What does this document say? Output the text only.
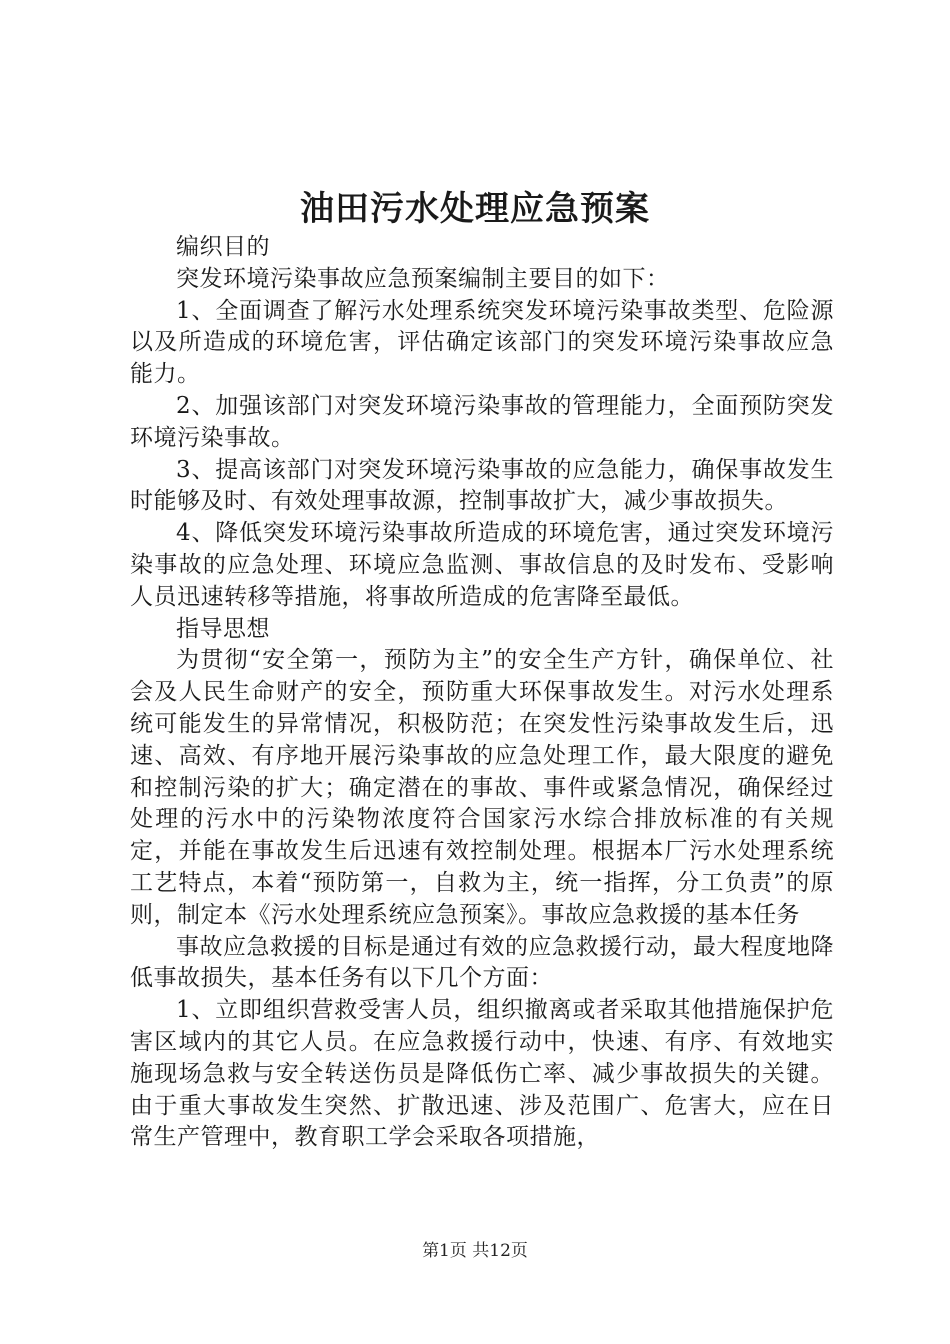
油田污水处理应急预案

编织目的

突发环境污染事故应急预案编制主要目的如下：

1、全面调查了解污水处理系统突发环境污染事故类型、危险源以及所造成的环境危害，评估确定该部门的突发环境污染事故应急能力。

2、加强该部门对突发环境污染事故的管理能力，全面预防突发环境污染事故。

3、提高该部门对突发环境污染事故的应急能力，确保事故发生时能够及时、有效处理事故源，控制事故扩大，减少事故损失。

4、降低突发环境污染事故所造成的环境危害，通过突发环境污染事故的应急处理、环境应急监测、事故信息的及时发布、受影响人员迅速转移等措施，将事故所造成的危害降至最低。

指导思想

为贯彻“安全第一，预防为主”的安全生产方针，确保单位、社会及人民生命财产的安全，预防重大环保事故发生。对污水处理系统可能发生的异常情况，积极防范；在突发性污染事故发生后，迅速、高效、有序地开展污染事故的应急处理工作，最大限度的避免和控制污染的扩大；确定潜在的事故、事件或紧急情况，确保经过处理的污水中的污染物浓度符合国家污水综合排放标准的有关规定，并能在事故发生后迅速有效控制处理。根据本厂污水处理系统工艺特点，本着“预防第一，自救为主，统一指挥，分工负责”的原则，制定本《污水处理系统应急预案》。事故应急救援的基本任务

事故应急救援的目标是通过有效的应急救援行动，最大程度地降低事故损失，基本任务有以下几个方面：

1、立即组织营救受害人员，组织撤离或者采取其他措施保护危害区域内的其它人员。在应急救援行动中，快速、有序、有效地实施现场急救与安全转送伤员是降低伤亡率、减少事故损失的关键。由于重大事故发生突然、扩散迅速、涉及范围广、危害大，应在日常生产管理中，教育职工学会采取各项措施，

第1页 共12页
